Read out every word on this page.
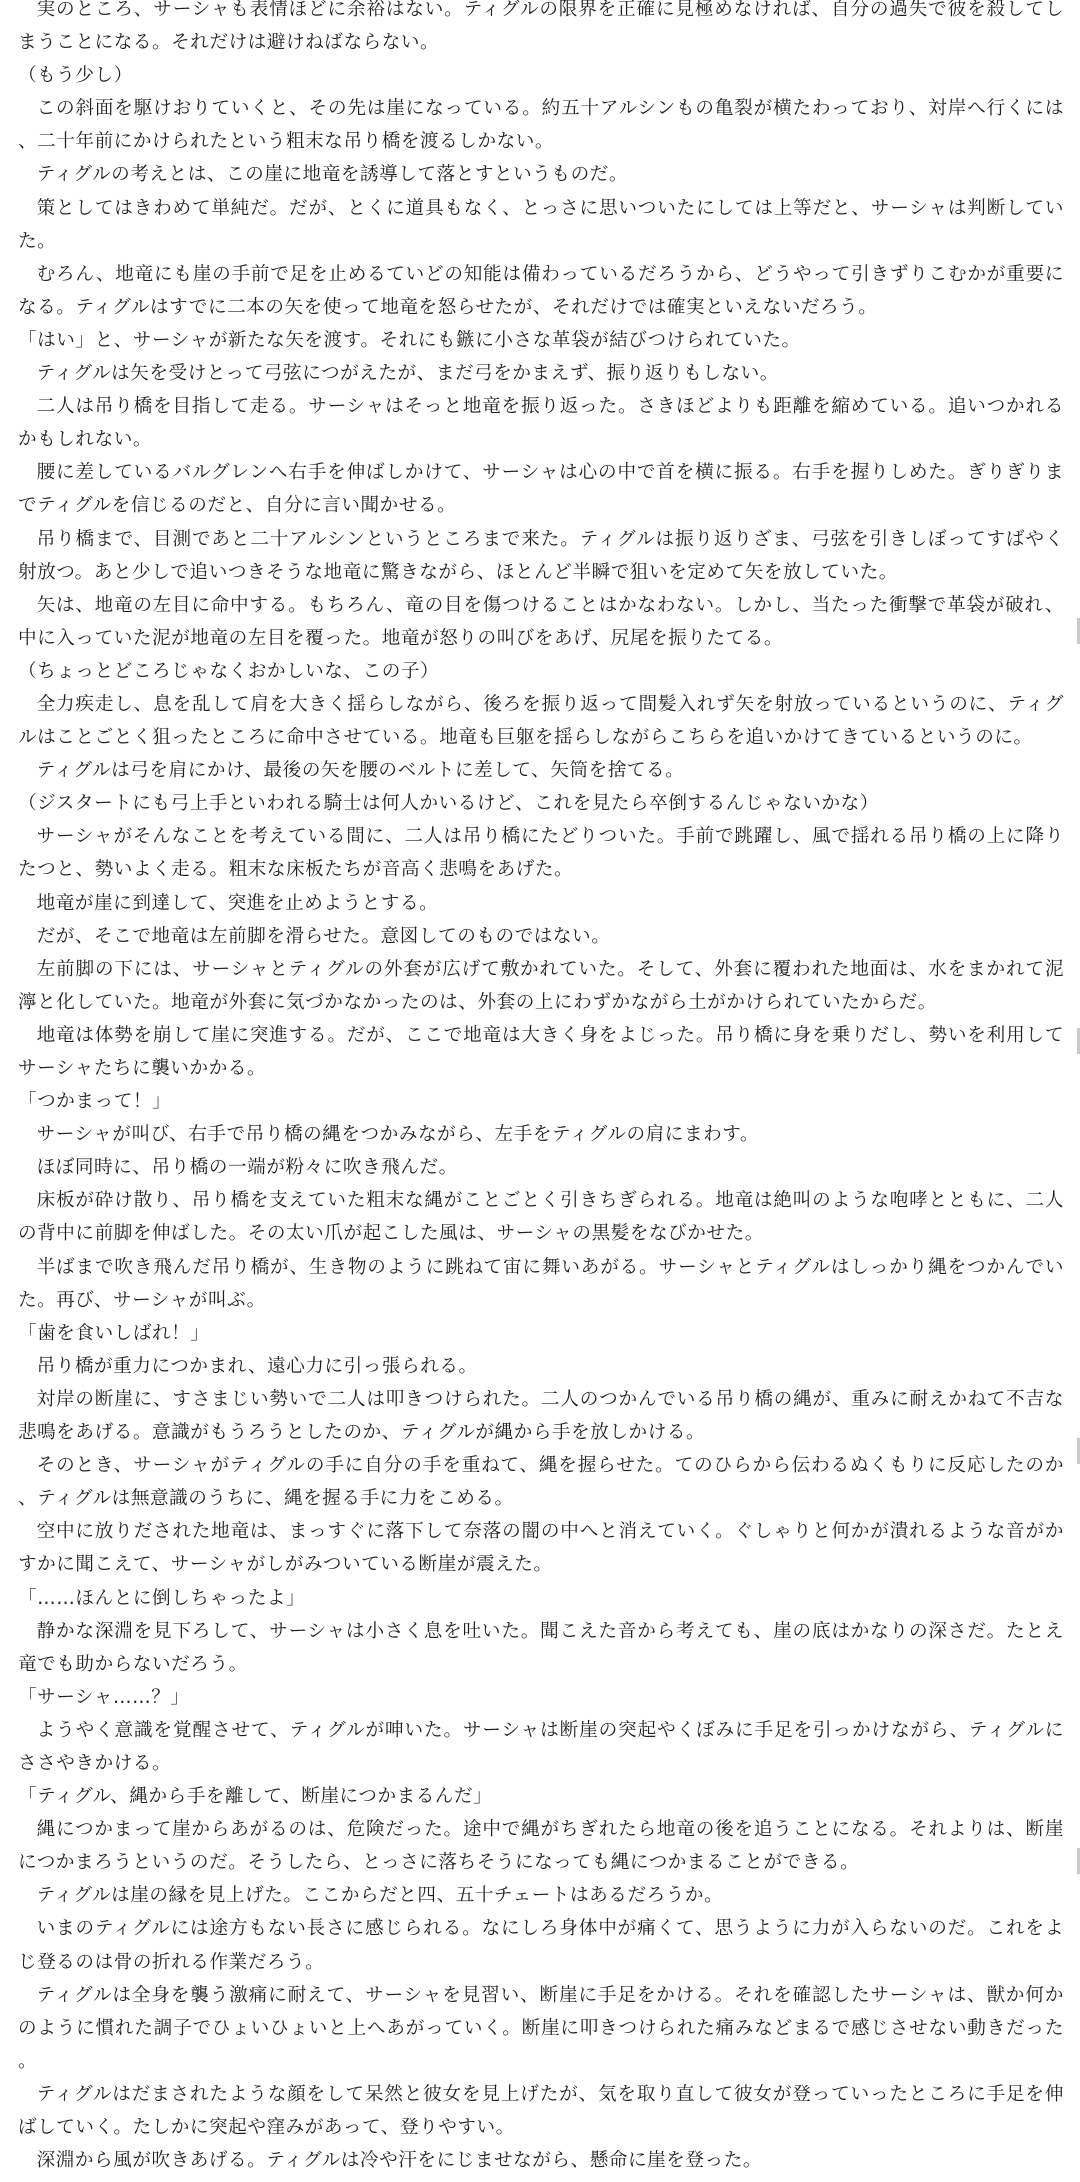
実のところ、サーシャも表情ほどに余裕はない。ティグルの限界を正確に見極めなければ、自分の過失で彼を殺してしまうことになる。それだけは避けねばならない。

（もう少し）

この斜面を駆けおりていくと、その先は崖になっている。約五十アルシンもの亀裂が横たわっており、対岸へ行くには、二十年前にかけられたという粗末な吊り橋を渡るしかない。

ティグルの考えとは、この崖に地竜を誘導して落とすというものだ。

策としてはきわめて単純だ。だが、とくに道具もなく、とっさに思いついたにしては上等だと、サーシャは判断していた。

むろん、地竜にも崖の手前で足を止めるていどの知能は備わっているだろうから、どうやって引きずりこむかが重要になる。ティグルはすでに二本の矢を使って地竜を怒らせたが、それだけでは確実といえないだろう。

「はい」と、サーシャが新たな矢を渡す。それにも鏃に小さな革袋が結びつけられていた。

ティグルは矢を受けとって弓弦につがえたが、まだ弓をかまえず、振り返りもしない。

二人は吊り橋を目指して走る。サーシャはそっと地竜を振り返った。さきほどよりも距離を縮めている。追いつかれるかもしれない。

腰に差しているバルグレンへ右手を伸ばしかけて、サーシャは心の中で首を横に振る。右手を握りしめた。ぎりぎりまでティグルを信じるのだと、自分に言い聞かせる。

吊り橋まで、目測であと二十アルシンというところまで来た。ティグルは振り返りざま、弓弦を引きしぼってすばやく射放つ。あと少しで追いつきそうな地竜に驚きながら、ほとんど半瞬で狙いを定めて矢を放していた。

矢は、地竜の左目に命中する。もちろん、竜の目を傷つけることはかなわない。しかし、当たった衝撃で革袋が破れ、中に入っていた泥が地竜の左目を覆った。地竜が怒りの叫びをあげ、尻尾を振りたてる。

（ちょっとどころじゃなくおかしいな、この子）

全力疾走し、息を乱して肩を大きく揺らしながら、後ろを振り返って間髪入れず矢を射放っているというのに、ティグルはことごとく狙ったところに命中させている。地竜も巨躯を揺らしながらこちらを追いかけてきているというのに。

ティグルは弓を肩にかけ、最後の矢を腰のベルトに差して、矢筒を捨てる。

（ジスタートにも弓上手といわれる騎士は何人かいるけど、これを見たら卒倒するんじゃないかな）

サーシャがそんなことを考えている間に、二人は吊り橋にたどりついた。手前で跳躍し、風で揺れる吊り橋の上に降りたつと、勢いよく走る。粗末な床板たちが音高く悲鳴をあげた。

地竜が崖に到達して、突進を止めようとする。

だが、そこで地竜は左前脚を滑らせた。意図してのものではない。

左前脚の下には、サーシャとティグルの外套が広げて敷かれていた。そして、外套に覆われた地面は、水をまかれて泥濘と化していた。地竜が外套に気づかなかったのは、外套の上にわずかながら土がかけられていたからだ。

地竜は体勢を崩して崖に突進する。だが、ここで地竜は大きく身をよじった。吊り橋に身を乗りだし、勢いを利用してサーシャたちに襲いかかる。

「つかまって！」

サーシャが叫び、右手で吊り橋の縄をつかみながら、左手をティグルの肩にまわす。

ほぼ同時に、吊り橋の一端が粉々に吹き飛んだ。

床板が砕け散り、吊り橋を支えていた粗末な縄がことごとく引きちぎられる。地竜は絶叫のような咆哮とともに、二人の背中に前脚を伸ばした。その太い爪が起こした風は、サーシャの黒髪をなびかせた。

半ばまで吹き飛んだ吊り橋が、生き物のように跳ねて宙に舞いあがる。サーシャとティグルはしっかり縄をつかんでいた。再び、サーシャが叫ぶ。

「歯を食いしばれ！」

吊り橋が重力につかまれ、遠心力に引っ張られる。

対岸の断崖に、すさまじい勢いで二人は叩きつけられた。二人のつかんでいる吊り橋の縄が、重みに耐えかねて不吉な悲鳴をあげる。意識がもうろうとしたのか、ティグルが縄から手を放しかける。

そのとき、サーシャがティグルの手に自分の手を重ねて、縄を握らせた。てのひらから伝わるぬくもりに反応したのか、ティグルは無意識のうちに、縄を握る手に力をこめる。

空中に放りだされた地竜は、まっすぐに落下して奈落の闇の中へと消えていく。ぐしゃりと何かが潰れるような音がかすかに聞こえて、サーシャがしがみついている断崖が震えた。

「……ほんとに倒しちゃったよ」

静かな深淵を見下ろして、サーシャは小さく息を吐いた。聞こえた音から考えても、崖の底はかなりの深さだ。たとえ竜でも助からないだろう。

「サーシャ……？」

ようやく意識を覚醒させて、ティグルが呻いた。サーシャは断崖の突起やくぼみに手足を引っかけながら、ティグルにささやきかける。

「ティグル、縄から手を離して、断崖につかまるんだ」

縄につかまって崖からあがるのは、危険だった。途中で縄がちぎれたら地竜の後を追うことになる。それよりは、断崖につかまろうというのだ。そうしたら、とっさに落ちそうになっても縄につかまることができる。

ティグルは崖の縁を見上げた。ここからだと四、五十チェートはあるだろうか。

いまのティグルには途方もない長さに感じられる。なにしろ身体中が痛くて、思うように力が入らないのだ。これをよじ登るのは骨の折れる作業だろう。

ティグルは全身を襲う激痛に耐えて、サーシャを見習い、断崖に手足をかける。それを確認したサーシャは、獣か何かのように慣れた調子でひょいひょいと上へあがっていく。断崖に叩きつけられた痛みなどまるで感じさせない動きだった。

ティグルはだまされたような顔をして呆然と彼女を見上げたが、気を取り直して彼女が登っていったところに手足を伸ばしていく。たしかに突起や窪みがあって、登りやすい。

深淵から風が吹きあげる。ティグルは冷や汗をにじませながら、懸命に崖を登った。
